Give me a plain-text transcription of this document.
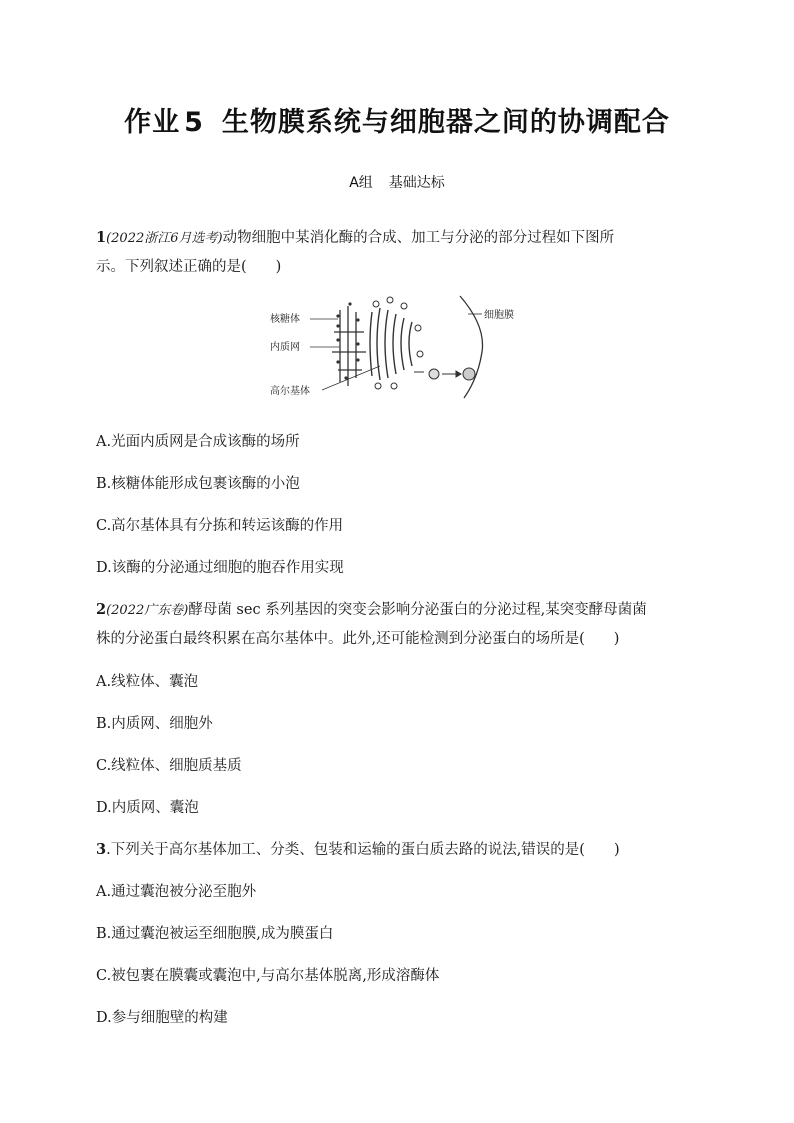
作业 5 生物膜系统与细胞器之间的协调配合
A组 基础达标
1(2022浙江6月选考)动物细胞中某消化酶的合成、加工与分泌的部分过程如下图所
示。下列叙述正确的是(　　)
核糖体
内质网
高尔基体
细胞膜
A.光面内质网是合成该酶的场所
B.核糖体能形成包裹该酶的小泡
C.高尔基体具有分拣和转运该酶的作用
D.该酶的分泌通过细胞的胞吞作用实现
2(2022广东卷)酵母菌 sec 系列基因的突变会影响分泌蛋白的分泌过程,某突变酵母菌菌
株的分泌蛋白最终积累在高尔基体中。此外,还可能检测到分泌蛋白的场所是(　　)
A.线粒体、囊泡
B.内质网、细胞外
C.线粒体、细胞质基质
D.内质网、囊泡
3.下列关于高尔基体加工、分类、包装和运输的蛋白质去路的说法,错误的是(　　)
A.通过囊泡被分泌至胞外
B.通过囊泡被运至细胞膜,成为膜蛋白
C.被包裹在膜囊或囊泡中,与高尔基体脱离,形成溶酶体
D.参与细胞壁的构建
